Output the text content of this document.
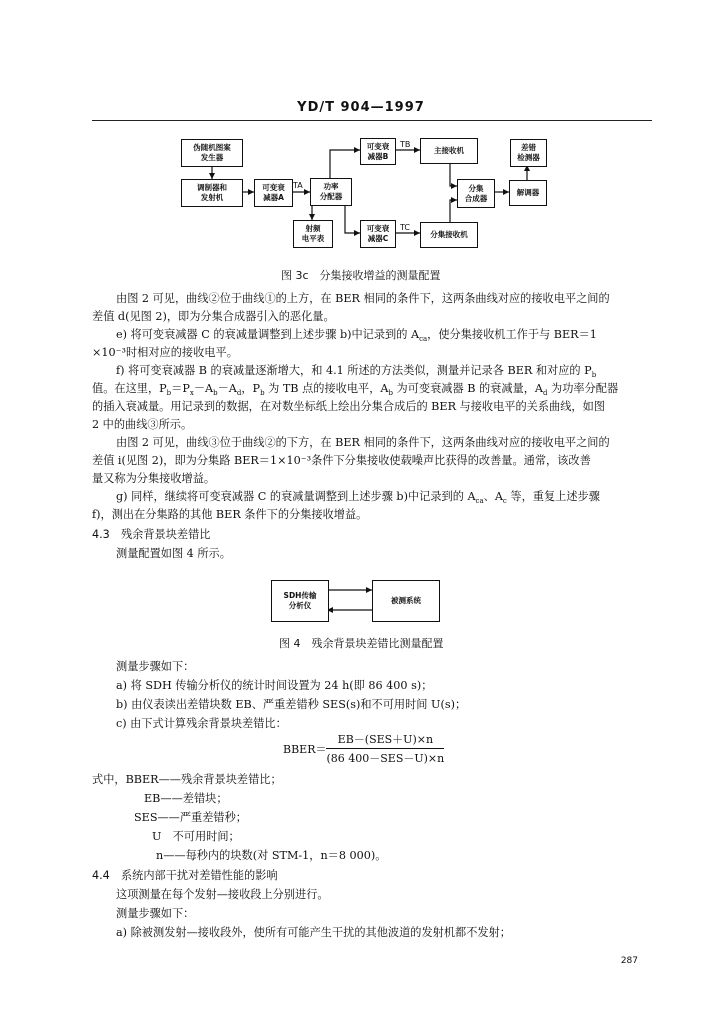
YD/T 904—1997
伪随机图案
发生器
调制器和
发射机
可变衰
减器A
功率
分配器
可变衰
减器B
主接收机
分集
合成器
差错
检测器
解调器
射频
电平表
可变衰
减器C	分集接收机
TA
TB
TC
图 3c　分集接收增益的测量配置
由图 2 可见，曲线②位于曲线①的上方，在 BER 相同的条件下，这两条曲线对应的接收电平之间的
差值 d(见图 2)，即为分集合成器引入的恶化量。
e) 将可变衰减器 C 的衰减量调整到上述步骤 b)中记录到的 $A_{ca}$，使分集接收机工作于与 BER＝1
×10⁻³时相对应的接收电平。
f) 将可变衰减器 B 的衰减量逐渐增大，和 4.1 所述的方法类似，测量并记录各 BER 和对应的 $P_b$
值。在这里，$P_b=P_x-A_b-A_d$，$P_b$ 为 TB 点的接收电平，$A_b$ 为可变衰减器 B 的衰减量，$A_d$ 为功率分配器
的插入衰减量。用记录到的数据，在对数坐标纸上绘出分集合成后的 BER 与接收电平的关系曲线，如图
2 中的曲线③所示。
由图 2 可见，曲线③位于曲线②的下方，在 BER 相同的条件下，这两条曲线对应的接收电平之间的
差值 i(见图 2)，即为分集路 BER＝1×10⁻³条件下分集接收使载噪声比获得的改善量。通常，该改善
量又称为分集接收增益。
g) 同样，继续将可变衰减器 C 的衰减量调整到上述步骤 b)中记录到的 $A_{ca}$、$A_c$ 等，重复上述步骤
f)，测出在分集路的其他 BER 条件下的分集接收增益。
4.3　残余背景块差错比
测量配置如图 4 所示。
SDH传输
分析仪
被测系统
图 4　残余背景块差错比测量配置
测量步骤如下：
a) 将 SDH 传输分析仪的统计时间设置为 24 h(即 86 400 s)；
b) 由仪表读出差错块数 EB、严重差错秒 SES(s)和不可用时间 U(s)；
c) 由下式计算残余背景块差错比：
BBER＝ $\frac{\text{EB－(SES＋U)×n}}{\text{(86 400－SES－U)×n}}$
式中，BBER——残余背景块差错比；
EB——差错块；
SES——严重差错秒；
U　不可用时间；
n——每秒内的块数(对 STM-1，n＝8 000)。
4.4　系统内部干扰对差错性能的影响
这项测量在每个发射—接收段上分别进行。
测量步骤如下：
a) 除被测发射—接收段外，使所有可能产生干扰的其他波道的发射机都不发射；
287
